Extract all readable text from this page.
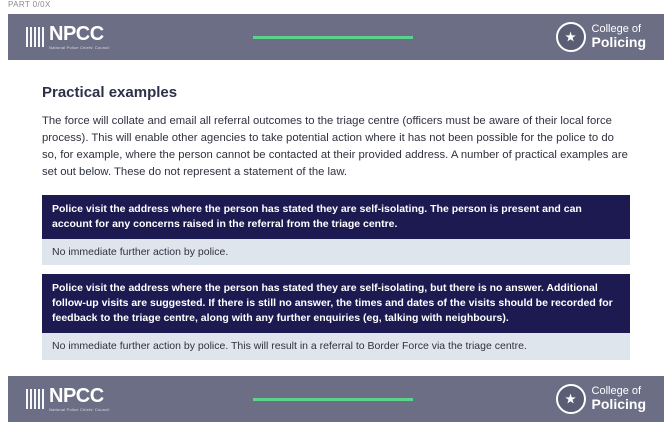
PART 0/0X
NPCC
National Police Chiefs' Council
College of
Policing
Practical examples

The force will collate and email all referral outcomes to the triage centre (officers must be aware of their local force process). This will enable other agencies to take potential action where it has not been possible for the police to do so, for example, where the person cannot be contacted at their provided address. A number of practical examples are set out below. These do not represent a statement of the law.

Police visit the address where the person has stated they are self-isolating. The person is present and can account for any concerns raised in the referral from the triage centre.
No immediate further action by police.
Police visit the address where the person has stated they are self-isolating, but there is no answer. Additional follow-up visits are suggested. If there is still no answer, the times and dates of the visits should be recorded for feedback to the triage centre, along with any further enquiries (eg, talking with neighbours).
No immediate further action by police. This will result in a referral to Border Force via the triage centre.
NPCC
National Police Chiefs' Council
College of
Policing
